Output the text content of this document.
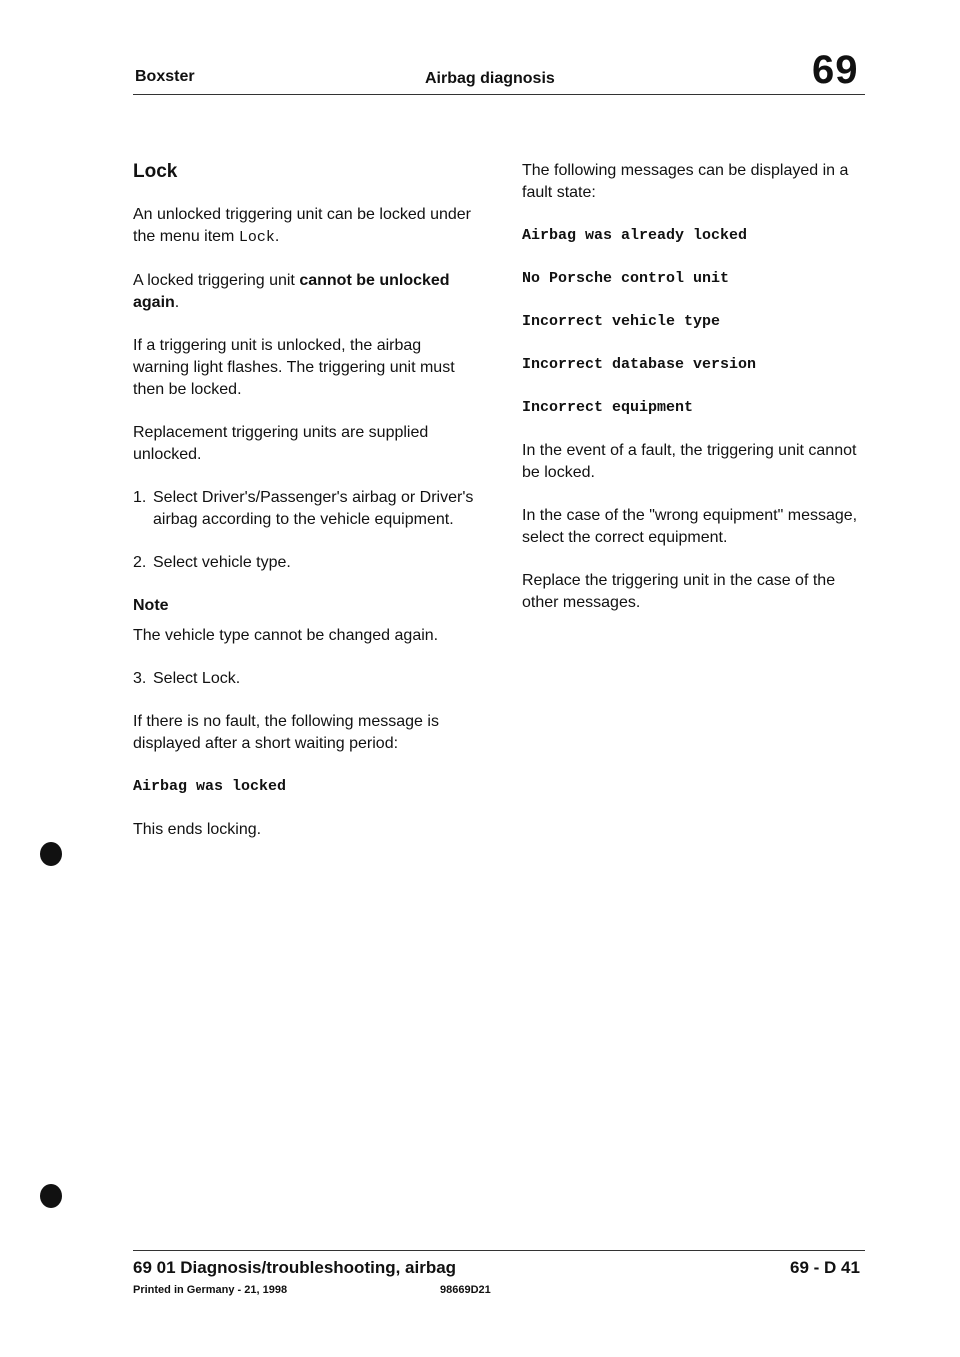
Boxster	Airbag diagnosis	69
Lock
An unlocked triggering unit can be locked under the menu item Lock.
A locked triggering unit cannot be unlocked again.
If a triggering unit is unlocked, the airbag warning light flashes. The triggering unit must then be locked.
Replacement triggering units are supplied unlocked.
1. Select Driver's/Passenger's airbag or Driver's airbag according to the vehicle equipment.
2. Select vehicle type.
Note
The vehicle type cannot be changed again.
3. Select Lock.
If there is no fault, the following message is displayed after a short waiting period:
Airbag was locked
This ends locking.
The following messages can be displayed in a fault state:
Airbag was already locked
No Porsche control unit
Incorrect vehicle type
Incorrect database version
Incorrect equipment
In the event of a fault, the triggering unit cannot be locked.
In the case of the "wrong equipment" message, select the correct equipment.
Replace the triggering unit in the case of the other messages.
69 01 Diagnosis/troubleshooting, airbag	69 - D 41
Printed in Germany - 21, 1998	98669D21
